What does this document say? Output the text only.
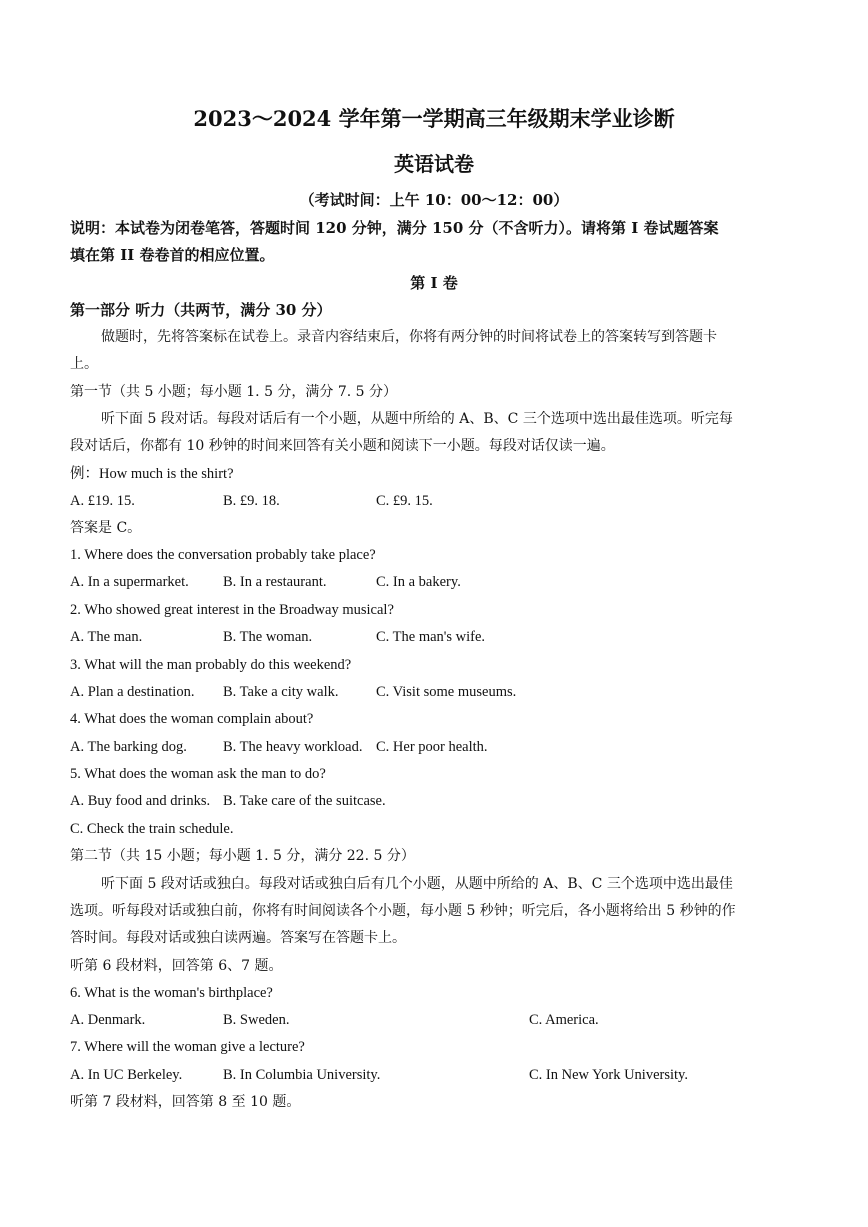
2023～2024 学年第一学期高三年级期末学业诊断
英语试卷
（考试时间：上午 10：00～12：00）
说明：本试卷为闭卷笔答，答题时间 120 分钟，满分 150 分（不含听力）。请将第 I 卷试题答案
填在第 II 卷卷首的相应位置。
第 I 卷
第一部分 听力（共两节，满分 30 分）
做题时，先将答案标在试卷上。录音内容结束后，你将有两分钟的时间将试卷上的答案转写到答题卡
上。
第一节（共 5 小题；每小题 1. 5 分，满分 7. 5 分）
听下面 5 段对话。每段对话后有一个小题，从题中所给的 A、B、C 三个选项中选出最佳选项。听完每
段对话后，你都有 10 秒钟的时间来回答有关小题和阅读下一小题。每段对话仅读一遍。
例：How much is the shirt?
A. £19. 15.	B. £9. 18.	C. £9. 15.
答案是 C。
1. Where does the conversation probably take place?
A. In a supermarket. B. In a restaurant.	C. In a bakery.
2. Who showed great interest in the Broadway musical?
A. The man.	B. The woman.	C. The man's wife.
3. What will the man probably do this weekend?
A. Plan a destination. B. Take a city walk.	C. Visit some museums.
4. What does the woman complain about?
A. The barking dog. B. The heavy workload. C. Her poor health.
5. What does the woman ask the man to do?
A. Buy food and drinks. B. Take care of the suitcase.
C. Check the train schedule.
第二节（共 15 小题；每小题 1. 5 分，满分 22. 5 分）
听下面 5 段对话或独白。每段对话或独白后有几个小题，从题中所给的 A、B、C 三个选项中选出最佳
选项。听每段对话或独白前，你将有时间阅读各个小题，每小题 5 秒钟；听完后，各小题将给出 5 秒钟的作
答时间。每段对话或独白读两遍。答案写在答题卡上。
听第 6 段材料，回答第 6、7 题。
6. What is the woman's birthplace?
A. Denmark.	B. Sweden.	C. America.
7. Where will the woman give a lecture?
A. In UC Berkeley.	B. In Columbia University.	C. In New York University.
听第 7 段材料，回答第 8 至 10 题。
